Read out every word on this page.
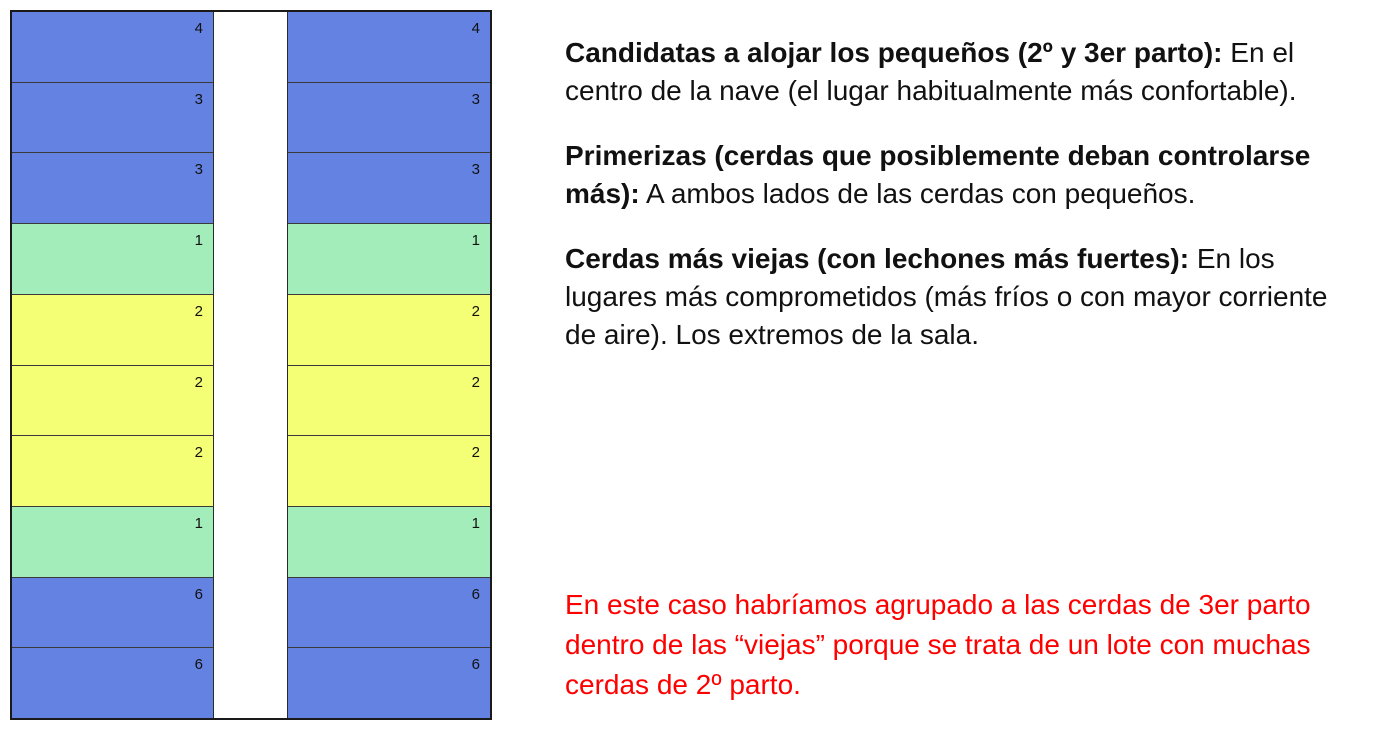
4
3
3
1
2
2
2
1
6
6
4
3
3
1
2
2
2
1
6
6

Candidatas a alojar los pequeños (2º y 3er parto): En el centro de la nave (el lugar habitualmente más confortable).

Primerizas (cerdas que posiblemente deban controlarse más): A ambos lados de las cerdas con pequeños.

Cerdas más viejas (con lechones más fuertes): En los lugares más comprometidos (más fríos o con mayor corriente de aire). Los extremos de la sala.

En este caso habríamos agrupado a las cerdas de 3er parto dentro de las “viejas” porque se trata de un lote con muchas cerdas de 2º parto.
